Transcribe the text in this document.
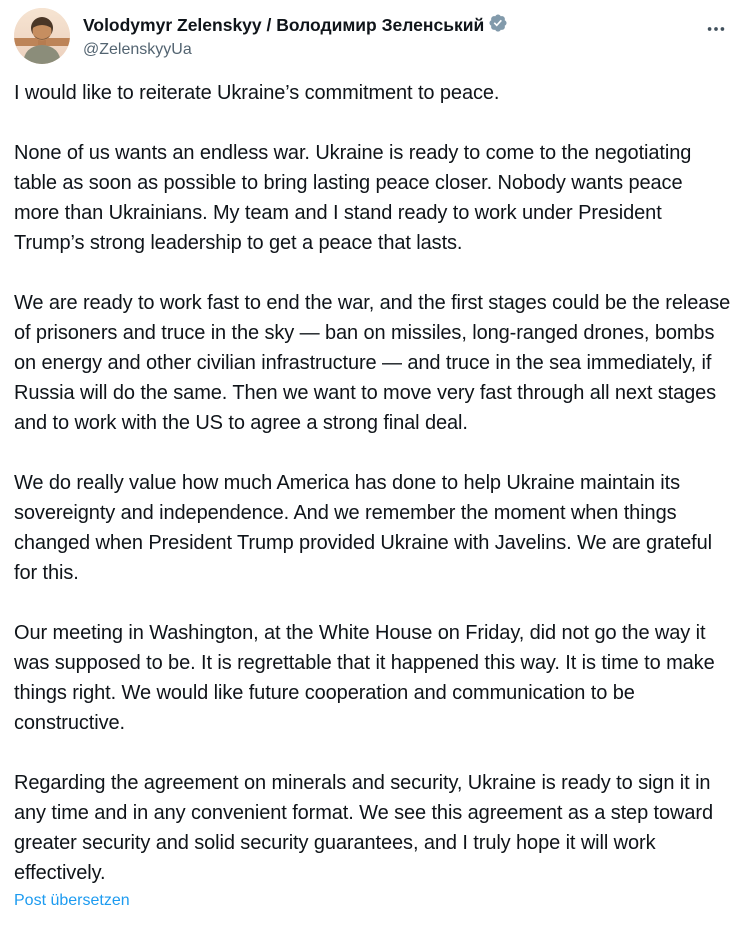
Volodymyr Zelenskyy / Володимир Зеленський
@ZelenskyyUa

I would like to reiterate Ukraine’s commitment to peace.

None of us wants an endless war. Ukraine is ready to come to the negotiating table as soon as possible to bring lasting peace closer. Nobody wants peace more than Ukrainians. My team and I stand ready to work under President Trump’s strong leadership to get a peace that lasts.

We are ready to work fast to end the war, and the first stages could be the release of prisoners and truce in the sky — ban on missiles, long-ranged drones, bombs on energy and other civilian infrastructure — and truce in the sea immediately, if Russia will do the same. Then we want to move very fast through all next stages and to work with the US to agree a strong final deal.

We do really value how much America has done to help Ukraine maintain its sovereignty and independence. And we remember the moment when things changed when President Trump provided Ukraine with Javelins. We are grateful for this.

Our meeting in Washington, at the White House on Friday, did not go the way it was supposed to be. It is regrettable that it happened this way. It is time to make things right. We would like future cooperation and communication to be constructive.

Regarding the agreement on minerals and security, Ukraine is ready to sign it in any time and in any convenient format. We see this agreement as a step toward greater security and solid security guarantees, and I truly hope it will work effectively.

Post übersetzen
